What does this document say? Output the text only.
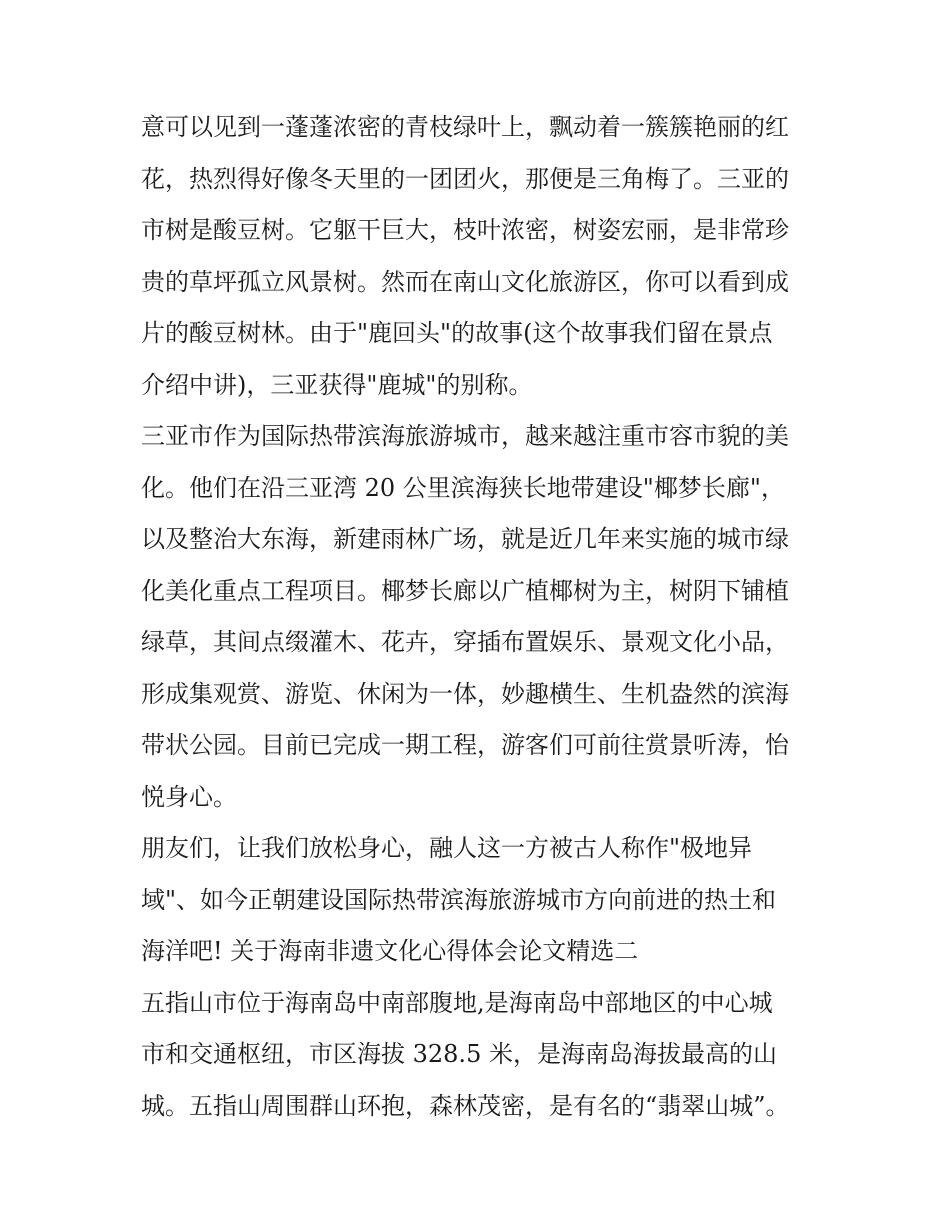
意可以见到一蓬蓬浓密的青枝绿叶上，飘动着一簇簇艳丽的红
花，热烈得好像冬天里的一团团火，那便是三角梅了。三亚的
市树是酸豆树。它躯干巨大，枝叶浓密，树姿宏丽，是非常珍
贵的草坪孤立风景树。然而在南山文化旅游区，你可以看到成
片的酸豆树林。由于"鹿回头"的故事(这个故事我们留在景点
介绍中讲)，三亚获得"鹿城"的别称。
三亚市作为国际热带滨海旅游城市，越来越注重市容市貌的美
化。他们在沿三亚湾 20 公里滨海狭长地带建设"椰梦长廊"，
以及整治大东海，新建雨林广场，就是近几年来实施的城市绿
化美化重点工程项目。椰梦长廊以广植椰树为主，树阴下铺植
绿草，其间点缀灌木、花卉，穿插布置娱乐、景观文化小品，
形成集观赏、游览、休闲为一体，妙趣横生、生机盎然的滨海
带状公园。目前已完成一期工程，游客们可前往赏景听涛，怡
悦身心。
朋友们，让我们放松身心，融人这一方被古人称作"极地异
域"、如今正朝建设国际热带滨海旅游城市方向前进的热土和
海洋吧! 关于海南非遗文化心得体会论文精选二
五指山市位于海南岛中南部腹地,是海南岛中部地区的中心城
市和交通枢纽，市区海拔 328.5 米，是海南岛海拔最高的山
城。五指山周围群山环抱，森林茂密，是有名的“翡翠山城”。
